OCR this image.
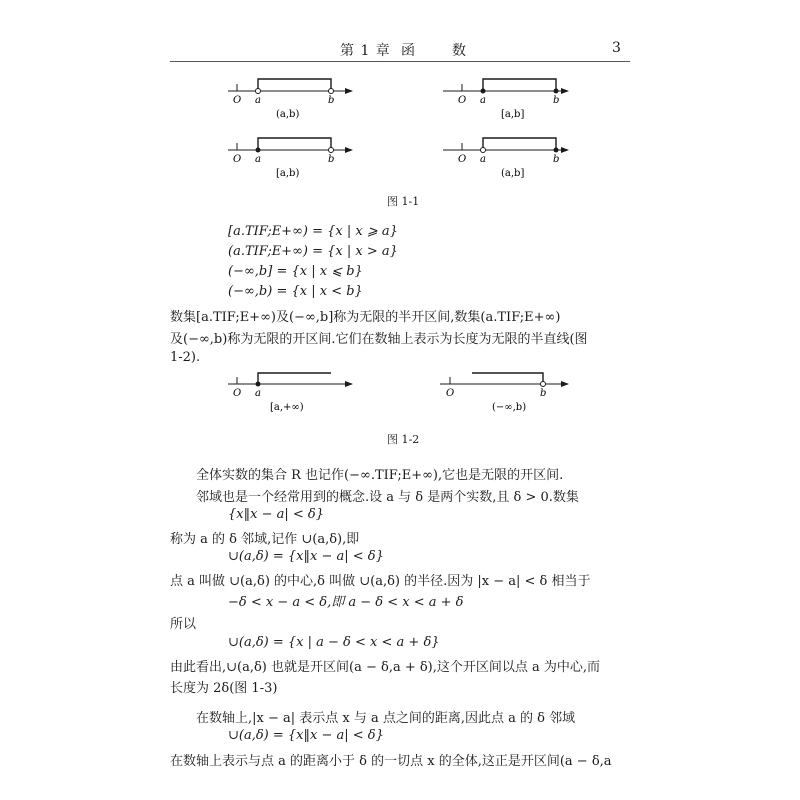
第 1 章 函	数	3
O a	b
(a,b)
O a	b
[a,b]
O a	b
[a,b)
O a	b
(a,b]
图 1-1
[a.TIF;E+∞) = {x | x ⩾ a}
(a.TIF;E+∞) = {x | x > a}
(−∞,b] = {x | x ⩽ b}
(−∞,b) = {x | x < b}
数集[a.TIF;E+∞)及(−∞,b]称为无限的半开区间,数集(a.TIF;E+∞)
及(−∞,b)称为无限的开区间.它们在数轴上表示为长度为无限的半直线(图
1-2).
O a
[a,+∞)
O	b
(−∞,b)
图 1-2
全体实数的集合 R 也记作(−∞.TIF;E+∞),它也是无限的开区间.
邻域也是一个经常用到的概念.设 a 与 δ 是两个实数,且 δ > 0.数集
{x‖x − a| < δ}
称为 a 的 δ 邻域,记作 ∪(a,δ),即
∪(a,δ) = {x‖x − a| < δ}
点 a 叫做 ∪(a,δ) 的中心,δ 叫做 ∪(a,δ) 的半径.因为 |x − a| < δ 相当于
−δ < x − a < δ,即 a − δ < x < a + δ
所以
∪(a,δ) = {x | a − δ < x < a + δ}
由此看出,∪(a,δ) 也就是开区间(a − δ,a + δ),这个开区间以点 a 为中心,而
长度为 2δ(图 1-3)
在数轴上,|x − a| 表示点 x 与 a 点之间的距离,因此点 a 的 δ 邻域
∪(a,δ) = {x‖x − a| < δ}
在数轴上表示与点 a 的距离小于 δ 的一切点 x 的全体,这正是开区间(a − δ,a
